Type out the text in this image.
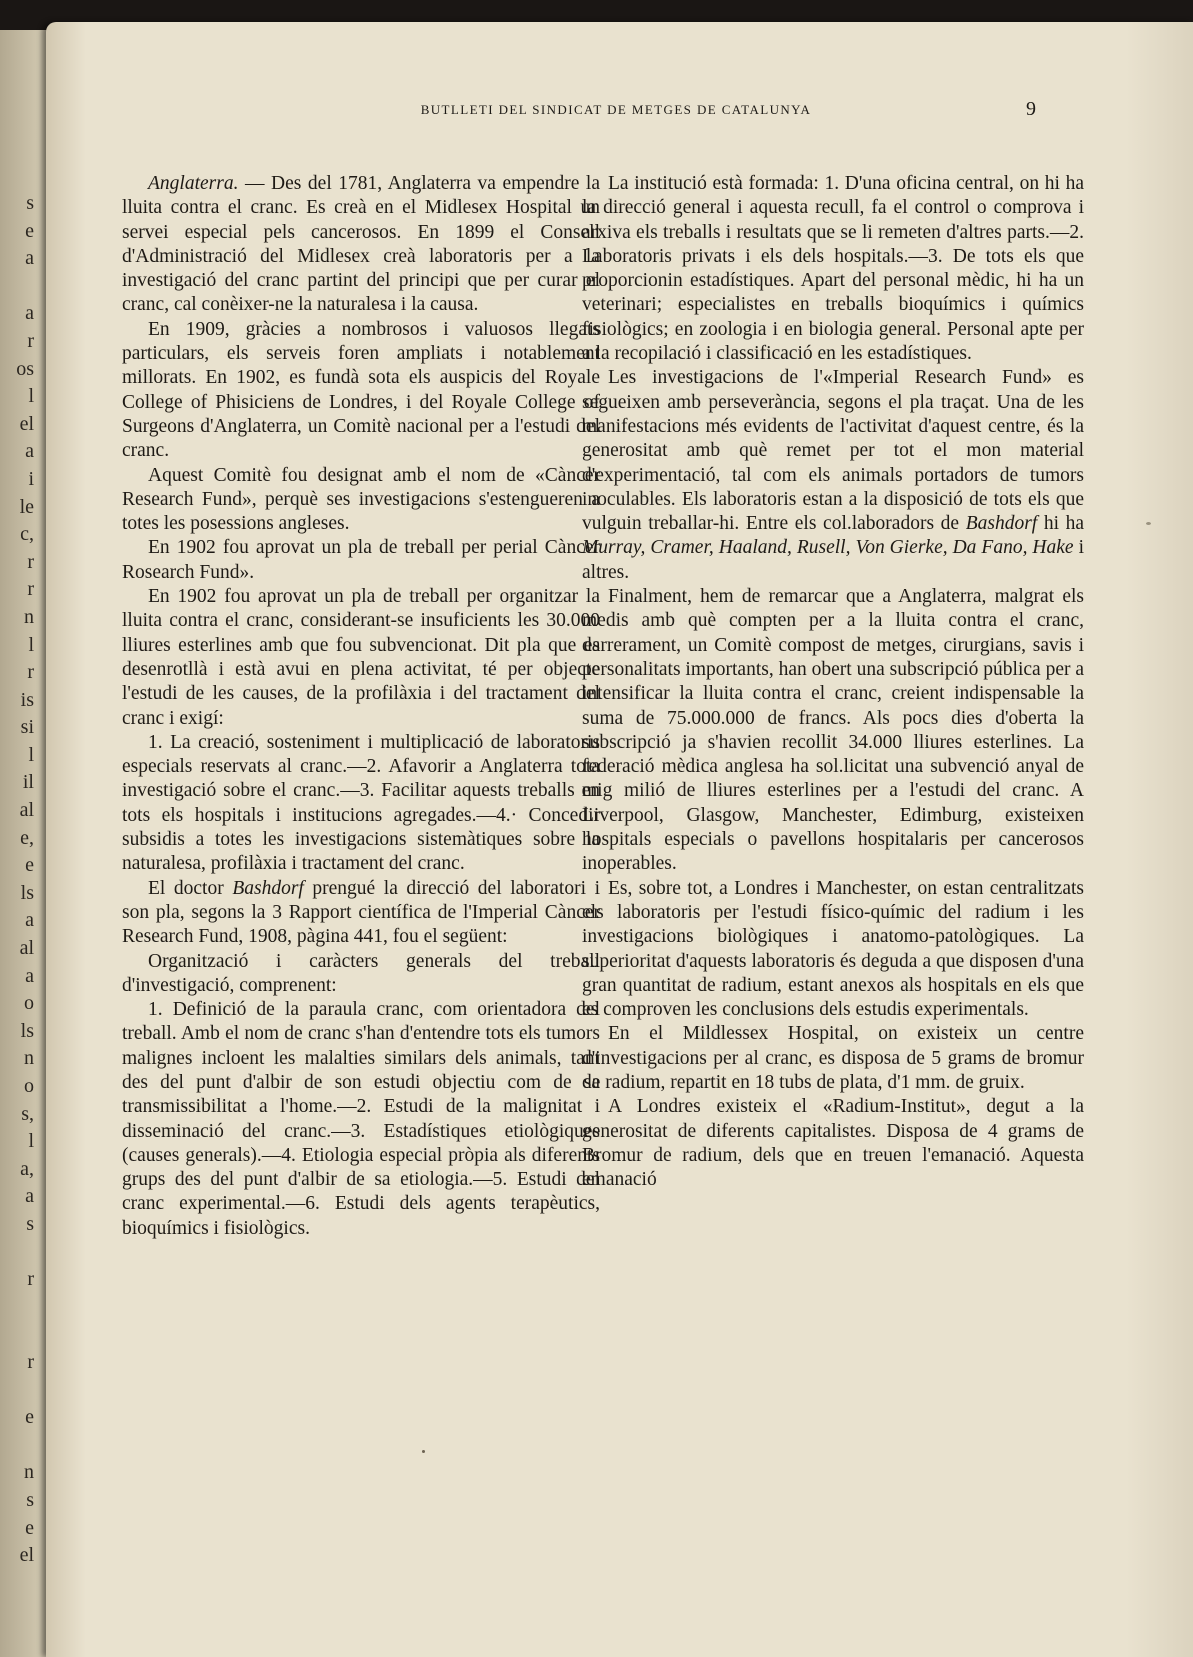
s
e
a
a
r
os
l
el
a
i
le
c,
r
r
n
l
r
is
si
l
il
al
e,
e
ls
a
al
a
o
ls
n
o
s,
l
a,
a
s
r
r
e
n
s
e
el
BUTLLETI DEL SINDICAT DE METGES DE CATALUNYA	9

Anglaterra. — Des del 1781, Anglaterra va empendre la lluita contra el cranc. Es creà en el Midlesex Hospital un servei especial pels cancerosos. En 1899 el Consell d'Administració del Midlesex creà laboratoris per a la investigació del cranc partint del principi que per curar el cranc, cal conèixer-ne la naturalesa i la causa.

En 1909, gràcies a nombrosos i valuosos llegats particulars, els serveis foren ampliats i notablement millorats. En 1902, es fundà sota els auspicis del Royale College of Phisiciens de Londres, i del Royale College of Surgeons d'Anglaterra, un Comitè nacional per a l'estudi del cranc.

Aquest Comitè fou designat amb el nom de «Càncer Research Fund», perquè ses investigacions s'estengueren a totes les posessions angleses.

En 1902 fou aprovat un pla de treball per perial Càncer Rosearch Fund».

En 1902 fou aprovat un pla de treball per organitzar la lluita contra el cranc, considerant-se insuficients les 30.000 lliures esterlines amb que fou subvencionat. Dit pla que es desenrotllà i està avui en plena activitat, té per objecte l'estudi de les causes, de la profilàxia i del tractament del cranc i exigí:

1. La creació, sosteniment i multiplicació de laboratoris especials reservats al cranc.—2. Afavorir a Anglaterra tota investigació sobre el cranc.—3. Facilitar aquests treballs en tots els hospitals i institucions agregades.—4.· Concedir subsidis a totes les investigacions sistemàtiques sobre la naturalesa, profilàxia i tractament del cranc.

El doctor Bashdorf prengué la direcció del laboratori i son pla, segons la 3 Rapport científica de l'Imperial Càncer Research Fund, 1908, pàgina 441, fou el següent:

Organització i caràcters generals del treball d'investigació, comprenent:

1. Definició de la paraula cranc, com orientadora del treball. Amb el nom de cranc s'han d'entendre tots els tumors malignes incloent les malalties similars dels animals, tant des del punt d'albir de son estudi objectiu com de sa transmissibilitat a l'home.—2. Estudi de la malignitat i disseminació del cranc.—3. Estadístiques etiològiques (causes generals).—4. Etiologia especial pròpia als diferents grups des del punt d'albir de sa etiologia.—5. Estudi del cranc experimental.—6. Estudi dels agents terapèutics, bioquímics i fisiològics.

La institució està formada: 1. D'una oficina central, on hi ha la direcció general i aquesta recull, fa el control o comprova i arxiva els treballs i resultats que se li remeten d'altres parts.—2. Laboratoris privats i els dels hospitals.—3. De tots els que proporcionin estadístiques. Apart del personal mèdic, hi ha un veterinari; especialistes en treballs bioquímics i químics fisiològics; en zoologia i en biologia general. Personal apte per a la recopilació i classificació en les estadístiques.

Les investigacions de l'«Imperial Research Fund» es segueixen amb perseverància, segons el pla traçat. Una de les manifestacions més evidents de l'activitat d'aquest centre, és la generositat amb què remet per tot el mon material d'experimentació, tal com els animals portadors de tumors inoculables. Els laboratoris estan a la disposició de tots els que vulguin treballar-hi. Entre els col.laboradors de Bashdorf hi ha Murray, Cramer, Haaland, Rusell, Von Gierke, Da Fano, Hake i altres.

Finalment, hem de remarcar que a Anglaterra, malgrat els medis amb què compten per a la lluita contra el cranc, darrerament, un Comitè compost de metges, cirurgians, savis i personalitats importants, han obert una subscripció pública per a intensificar la lluita contra el cranc, creient indispensable la suma de 75.000.000 de francs. Als pocs dies d'oberta la subscripció ja s'havien recollit 34.000 lliures esterlines. La federació mèdica anglesa ha sol.licitat una subvenció anyal de mig milió de lliures esterlines per a l'estudi del cranc. A Liverpool, Glasgow, Manchester, Edimburg, existeixen hospitals especials o pavellons hospitalaris per cancerosos inoperables.

Es, sobre tot, a Londres i Manchester, on estan centralitzats els laboratoris per l'estudi físico-químic del radium i les investigacions biològiques i anatomo-patològiques. La superioritat d'aquests laboratoris és deguda a que disposen d'una gran quantitat de radium, estant anexos als hospitals en els que es comproven les conclusions dels estudis experimentals.

En el Mildlessex Hospital, on existeix un centre d'investigacions per al cranc, es disposa de 5 grams de bromur de radium, repartit en 18 tubs de plata, d'1 mm. de gruix.

A Londres existeix el «Radium-Institut», degut a la generositat de diferents capitalistes. Disposa de 4 grams de Bromur de radium, dels que en treuen l'emanació. Aquesta emanació
